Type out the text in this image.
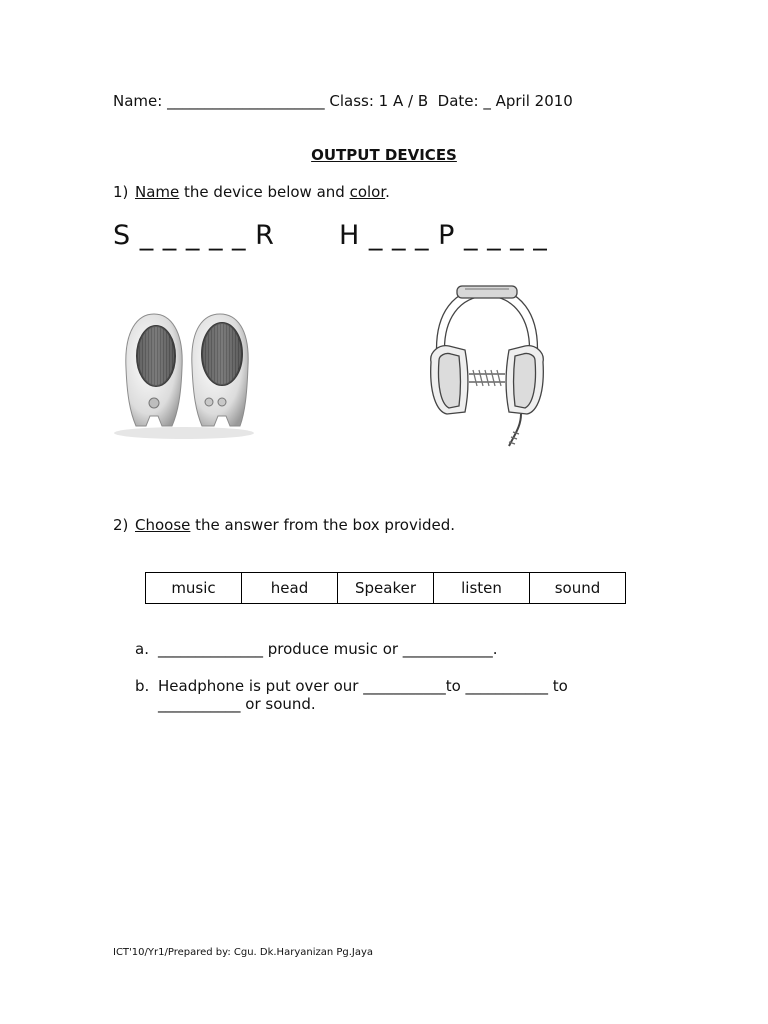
Name: _____________________ Class: 1 A / B Date: _ April 2010
OUTPUT DEVICES
1) Name the device below and color.
S _ _ _ _ _ R H _ _ _ P _ _ _ _
2) Choose the answer from the box provided.
music	head	Speaker	listen	sound
a. ______________ produce music or ____________.
b. Headphone is put over our ___________to ___________ to
___________ or sound.
ICT'10/Yr1/Prepared by: Cgu. Dk.Haryanizan Pg.Jaya
